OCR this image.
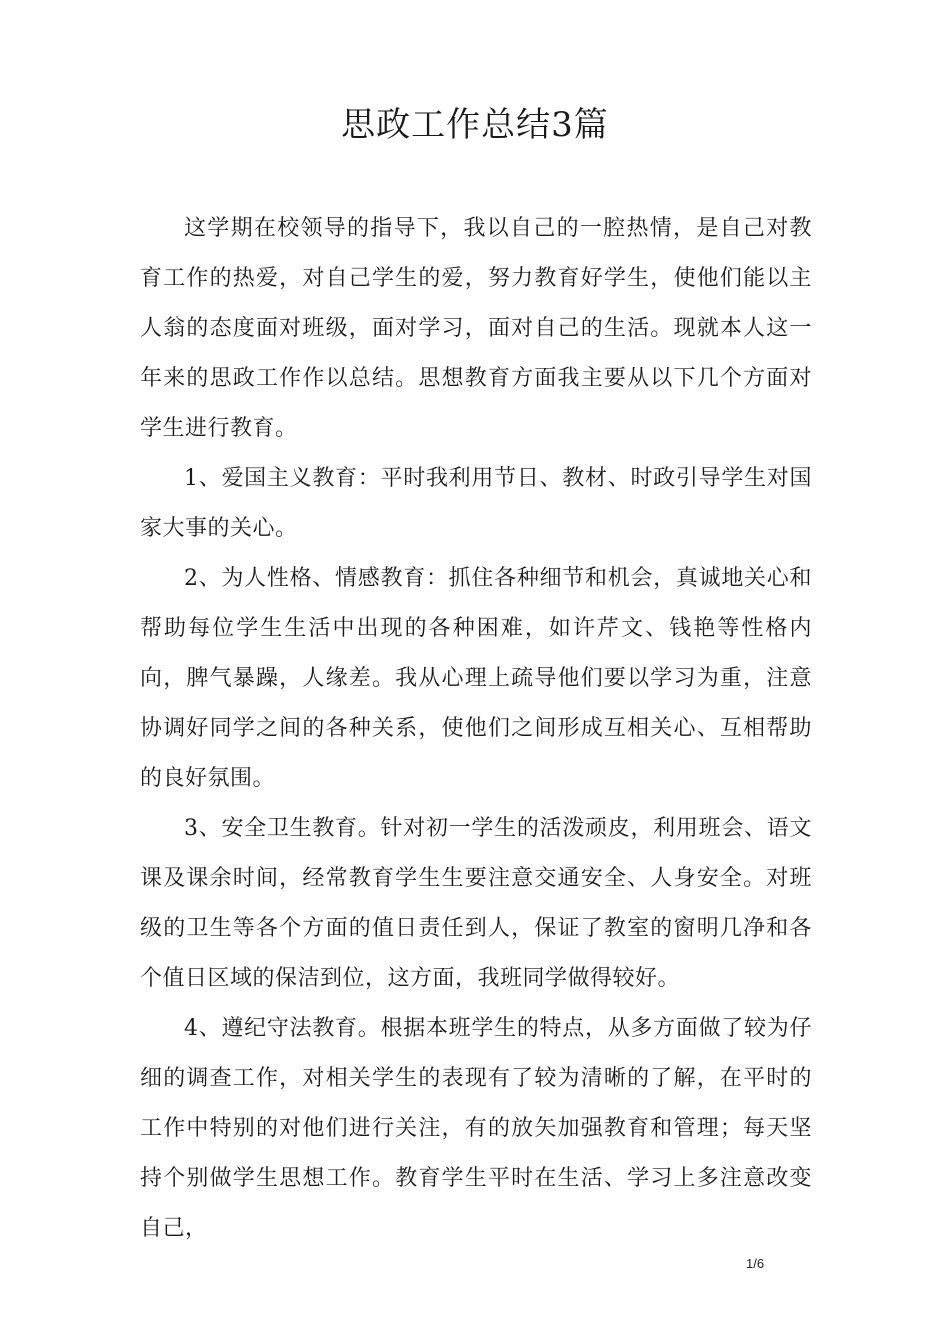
思政工作总结3篇

这学期在校领导的指导下，我以自己的一腔热情，是自己对教育工作的热爱，对自己学生的爱，努力教育好学生，使他们能以主人翁的态度面对班级，面对学习，面对自己的生活。现就本人这一年来的思政工作作以总结。思想教育方面我主要从以下几个方面对学生进行教育。

1、爱国主义教育：平时我利用节日、教材、时政引导学生对国家大事的关心。

2、为人性格、情感教育：抓住各种细节和机会，真诚地关心和帮助每位学生生活中出现的各种困难，如许芹文、钱艳等性格内向，脾气暴躁，人缘差。我从心理上疏导他们要以学习为重，注意协调好同学之间的各种关系，使他们之间形成互相关心、互相帮助的良好氛围。

3、安全卫生教育。针对初一学生的活泼顽皮，利用班会、语文课及课余时间，经常教育学生生要注意交通安全、人身安全。对班级的卫生等各个方面的值日责任到人，保证了教室的窗明几净和各个值日区域的保洁到位，这方面，我班同学做得较好。

4、遵纪守法教育。根据本班学生的特点，从多方面做了较为仔细的调查工作，对相关学生的表现有了较为清晰的了解，在平时的工作中特别的对他们进行关注，有的放矢加强教育和管理；每天坚持个别做学生思想工作。教育学生平时在生活、学习上多注意改变自己，

1/6
